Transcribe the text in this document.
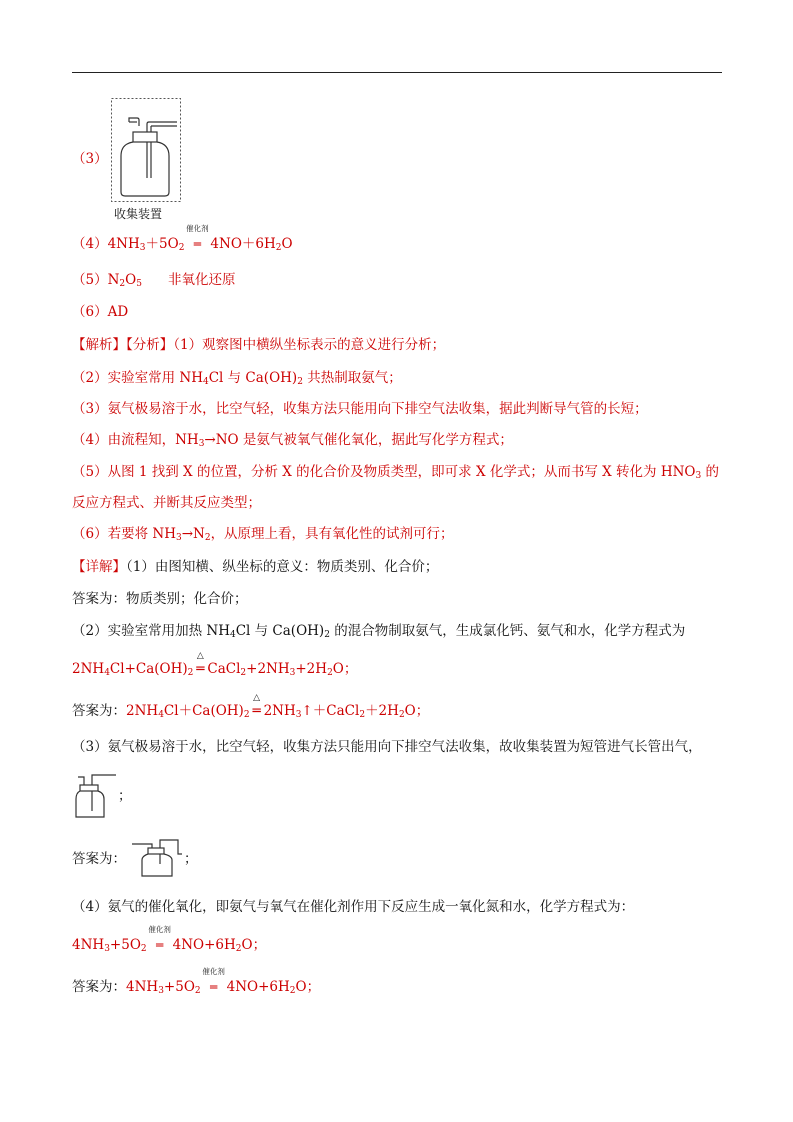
（3）
收集装置
$(4)4NH_3+5O_2$
催化剂
═ $4NO+6H_2O$
$(5)N_2O_5$ 非氧化还原
（6）AD
【解析】【分析】（1）观察图中横纵坐标表示的意义进行分析；
（2）实验室常用 $NH_4Cl$ 与 $Ca(OH)_2$ 共热制取氨气；
（3）氨气极易溶于水，比空气轻，收集方法只能用向下排空气法收集，据此判断导气管的长短；
（4）由流程知，$NH_3\to NO$ 是氨气被氧气催化氧化，据此写化学方程式；
（5）从图 1 找到 X 的位置，分析 X 的化合价及物质类型，即可求 X 化学式；从而书写 X 转化为 $HNO_3$ 的
反应方程式、并断其反应类型；
（6）若要将 $NH_3\to N_2$，从原理上看，具有氧化性的试剂可行；
【详解】（1）由图知横、纵坐标的意义：物质类别、化合价；
答案为：物质类别；化合价；
（2）实验室常用加热 $NH_4Cl$ 与 $Ca(OH)_2$ 的混合物制取氨气，生成氯化钙、氨气和水，化学方程式为
$2NH_4Cl+Ca(OH)_2$
△
═ $CaCl_2+2NH_3+2H_2O$；
答案为：$2NH_4Cl+Ca(OH)_2$
△
═ $2NH_3↑+CaCl_2+2H_2O$；
（3）氨气极易溶于水，比空气轻，收集方法只能用向下排空气法收集，故收集装置为短管进气长管出气，
；
答案为：	；
（4）氨气的催化氧化，即氨气与氧气在催化剂作用下反应生成一氧化氮和水，化学方程式为：
$4NH_3+5O_2$
催化剂
═ $4NO+6H_2O$；
答案为：$4NH_3+5O_2$
催化剂
═ $4NO+6H_2O$；
